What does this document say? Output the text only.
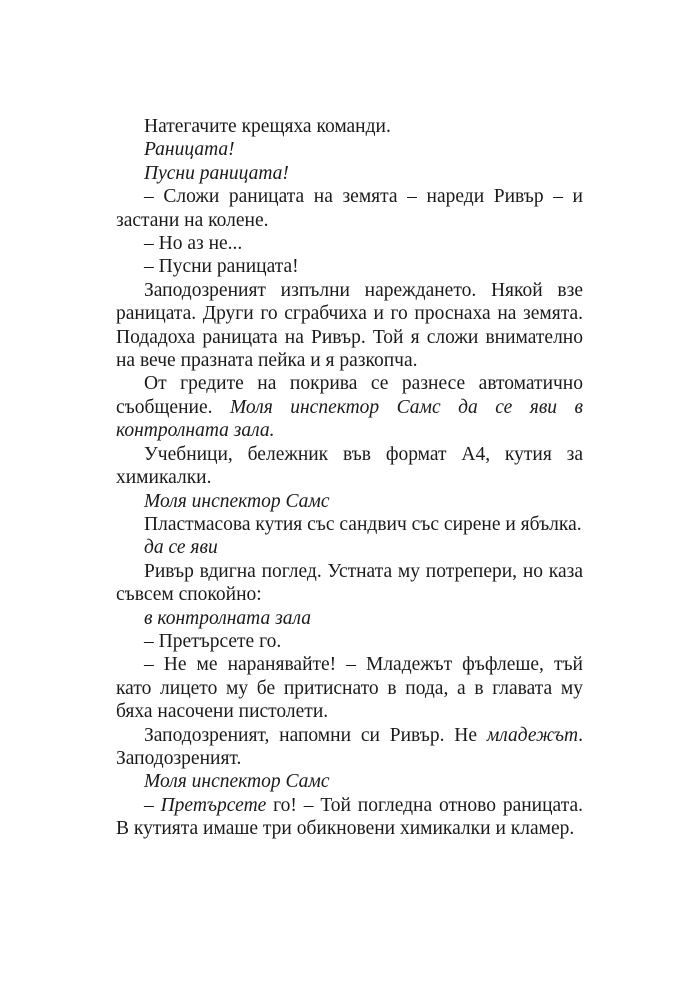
Натегачите крещяха команди.

Раницата!

Пусни раницата!

– Сложи раницата на земята – нареди Ривър – и застани на колене.

– Но аз не...

– Пусни раницата!

Заподозреният изпълни нареждането. Някой взе раницата. Други го сграбчиха и го проснаха на земята. Подадоха раницата на Ривър. Той я сложи внимателно на вече празната пейка и я разкопча.

От гредите на покрива се разнесе автоматично съобщение. Моля инспектор Самс да се яви в контролната зала.

Учебници, бележник във формат А4, кутия за химикалки.

Моля инспектор Самс

Пластмасова кутия със сандвич със сирене и ябълка.

да се яви

Ривър вдигна поглед. Устната му потрепери, но каза съвсем спокойно:

в контролната зала

– Претърсете го.

– Не ме наранявайте! – Младежът фъфлеше, тъй като лицето му бе притиснато в пода, а в главата му бяха насочени пистолети.

Заподозреният, напомни си Ривър. Не младежът. Заподозреният.

Моля инспектор Самс

– Претърсете го! – Той погледна отново раницата. В кутията имаше три обикновени химикалки и кламер.
